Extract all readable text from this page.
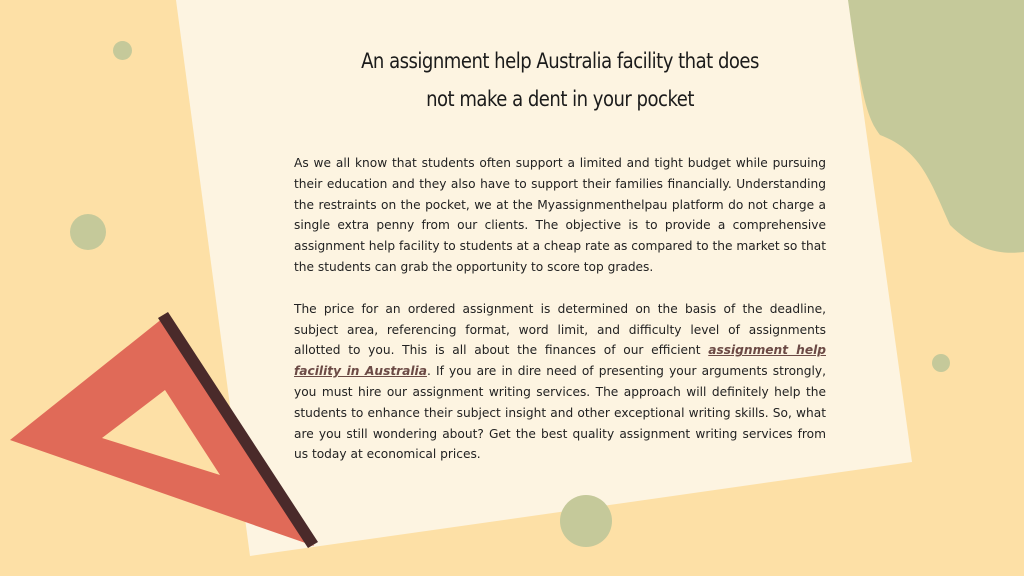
An assignment help Australia facility that does
not make a dent in your pocket

As we all know that students often support a limited and tight budget while pursuing their education and they also have to support their families financially. Understanding the restraints on the pocket, we at the Myassignmenthelpau platform do not charge a single extra penny from our clients. The objective is to provide a comprehensive assignment help facility to students at a cheap rate as compared to the market so that the students can grab the opportunity to score top grades.

The price for an ordered assignment is determined on the basis of the deadline, subject area, referencing format, word limit, and difficulty level of assignments allotted to you. This is all about the finances of our efficient assignment help facility in Australia. If you are in dire need of presenting your arguments strongly, you must hire our assignment writing services. The approach will definitely help the students to enhance their subject insight and other exceptional writing skills. So, what are you still wondering about? Get the best quality assignment writing services from us today at economical prices.
